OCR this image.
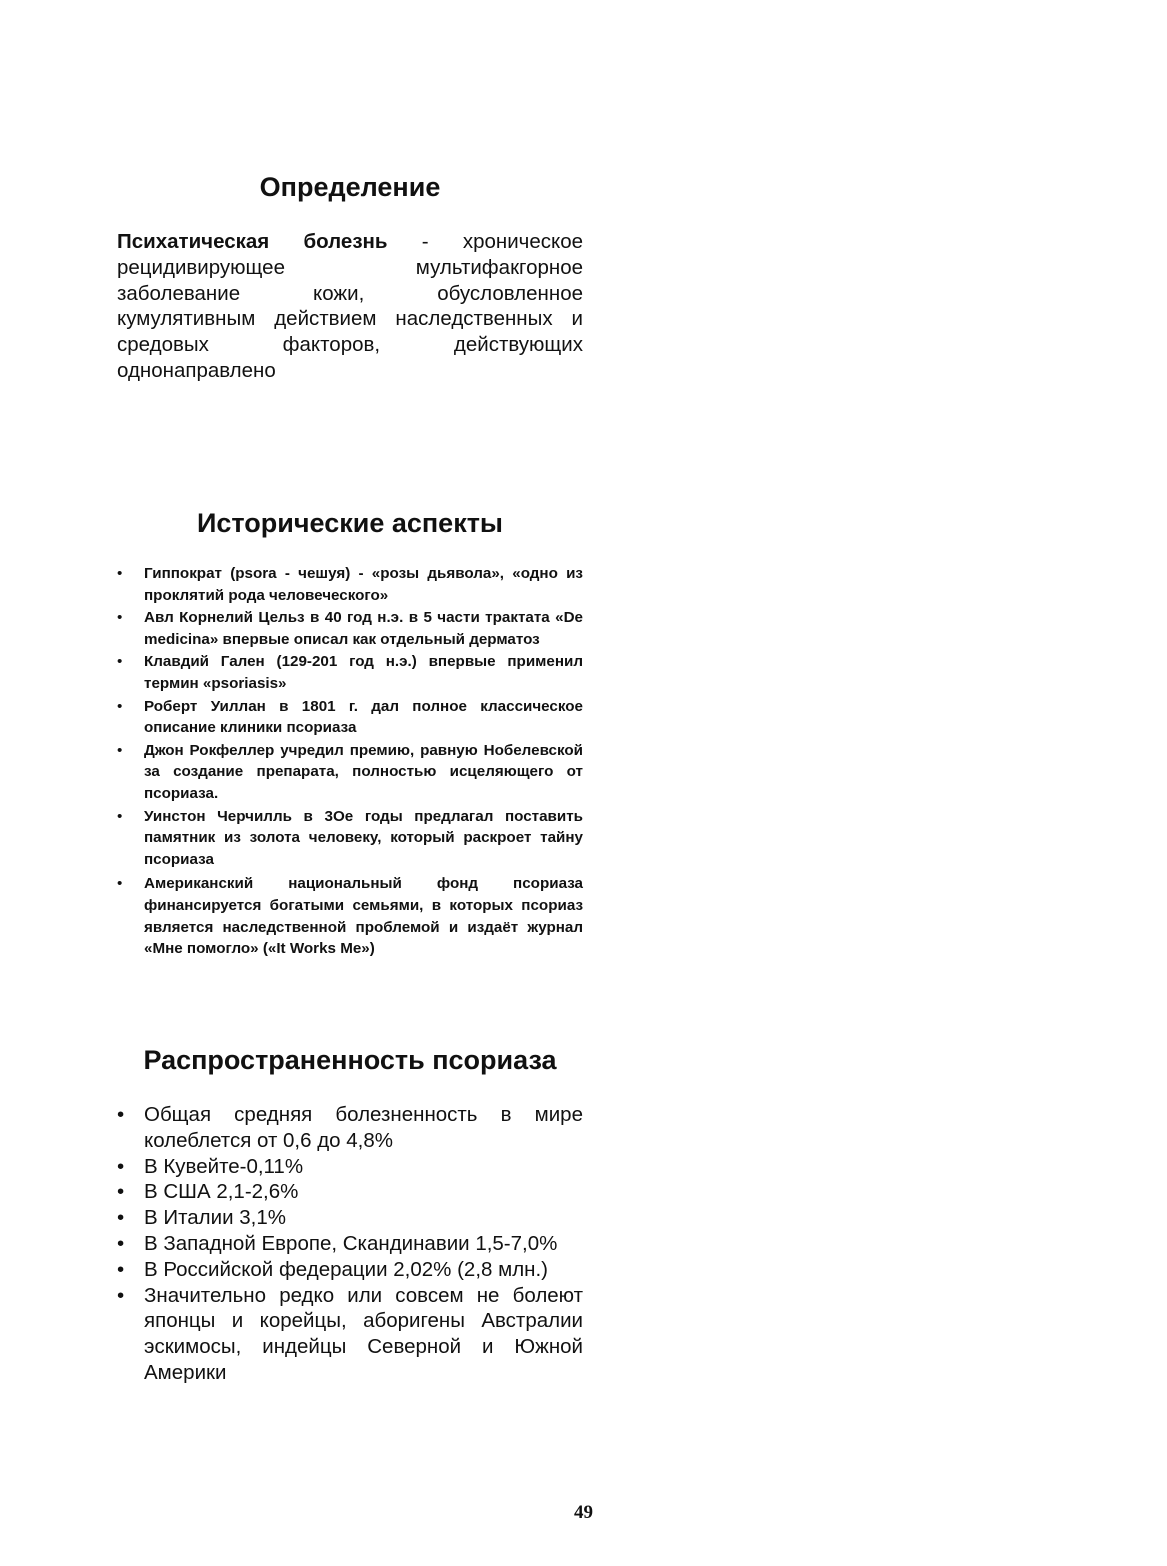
Определение

Психатическая болезнь - хроническое рецидивирующее мультифакгорное заболевание кожи, обусловленное кумулятивным действием наследственных и средовых факторов, действующих однонаправлено

Исторические аспекты
• Гиппократ (psora - чешуя) - «розы дьявола», «одно из проклятий рода человеческого»
• Авл Корнелий Цельз в 40 год н.э. в 5 части трактата «De medicina» впервые описал как отдельный дерматоз
• Клавдий Гален (129-201 год н.э.) впервые применил термин «psoriasis»
• Роберт Уиллан в 1801 г. дал полное классическое описание клиники псориаза
• Джон Рокфеллер учредил премию, равную Нобелевской за создание препарата, полностью исцеляющего от псориаза.
• Уинстон Черчилль в 3Ое годы предлагал поставить памятник из золота человеку, который раскроет тайну псориаза
• Американский национальный фонд псориаза финансируется богатыми семьями, в которых псориаз является наследственной проблемой и издаёт журнал «Мне помогло» («It Works Me»)
Распространенность псориаза
• Общая средняя болезненность в мире колеблется от 0,6 до 4,8%
• В Кувейте-0,11%
• В США 2,1-2,6%
• В Италии 3,1%
• В Западной Европе, Скандинавии 1,5-7,0%
• В Российской федерации 2,02% (2,8 млн.)
• Значительно редко или совсем не болеют японцы и корейцы, аборигены Австралии эскимосы, индейцы Северной и Южной Америки
49
